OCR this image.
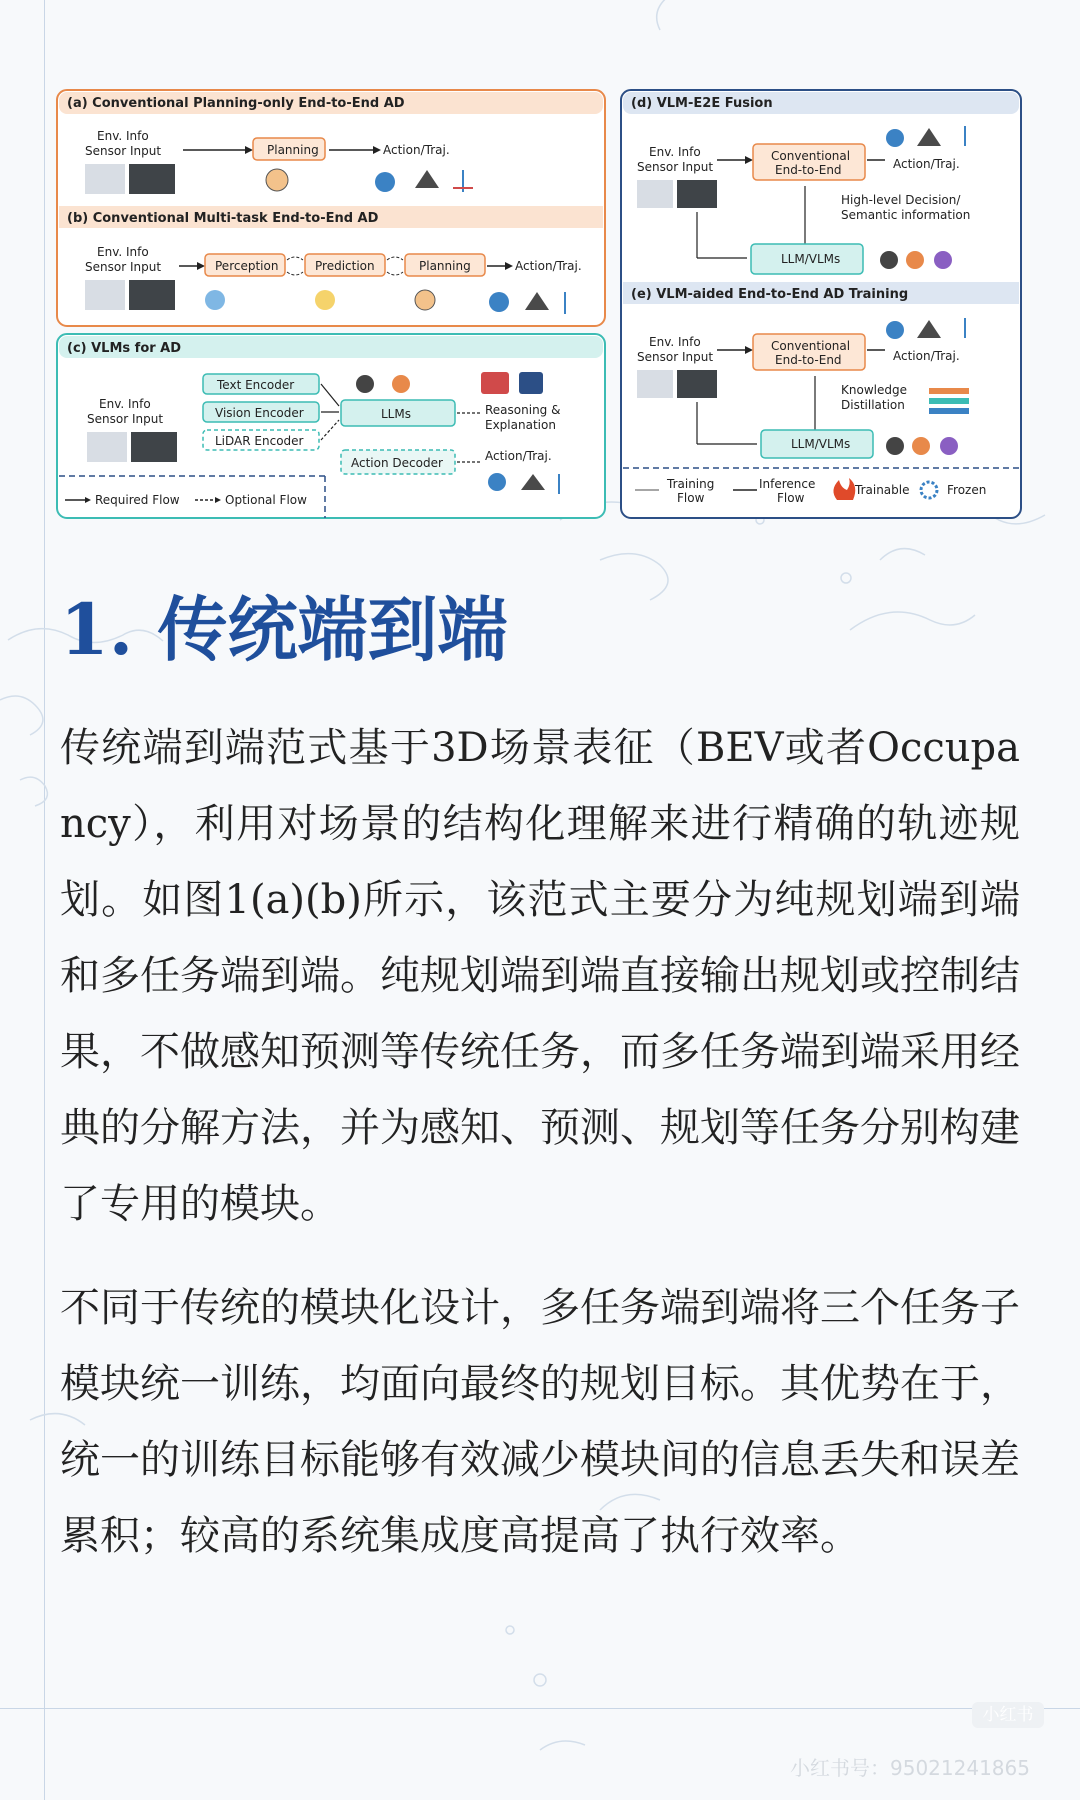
(a) Conventional Planning-only End-to-End AD
(b) Conventional Multi-task End-to-End AD
Env. Info
Sensor Input	Planning	Action/Traj.
Env. Info
Sensor Input	Perception	Prediction	Planning	Action/Traj.
(c) VLMs for AD
Env. Info
Sensor Input
Text Encoder
Vision Encoder
LiDAR Encoder
LLMs	Reasoning &
Explanation
Action Decoder	Action/Traj.
Required Flow	Optional Flow
(d) VLM-E2E Fusion
Env. Info
Sensor Input
Conventional
End-to-End	Action/Traj.
High-level Decision/
Semantic information
LLM/VLMs
(e) VLM-aided End-to-End AD Training
Env. Info
Sensor Input
Conventional
End-to-End	Action/Traj.
Knowledge
Distillation
LLM/VLMs
Training
Flow
Inference
Flow
Trainable	Frozen
1. 传统端到端

传统端到端范式基于3D场景表征（BEV或者Occupancy），利用对场景的结构化理解来进行精确的轨迹规划。如图1(a)(b)所示，该范式主要分为纯规划端到端和多任务端到端。纯规划端到端直接输出规划或控制结果，不做感知预测等传统任务，而多任务端到端采用经典的分解方法，并为感知、预测、规划等任务分别构建了专用的模块。

不同于传统的模块化设计，多任务端到端将三个任务子模块统一训练，均面向最终的规划目标。其优势在于，统一的训练目标能够有效减少模块间的信息丢失和误差累积；较高的系统集成度高提高了执行效率。

小红书
小红书号：95021241865
